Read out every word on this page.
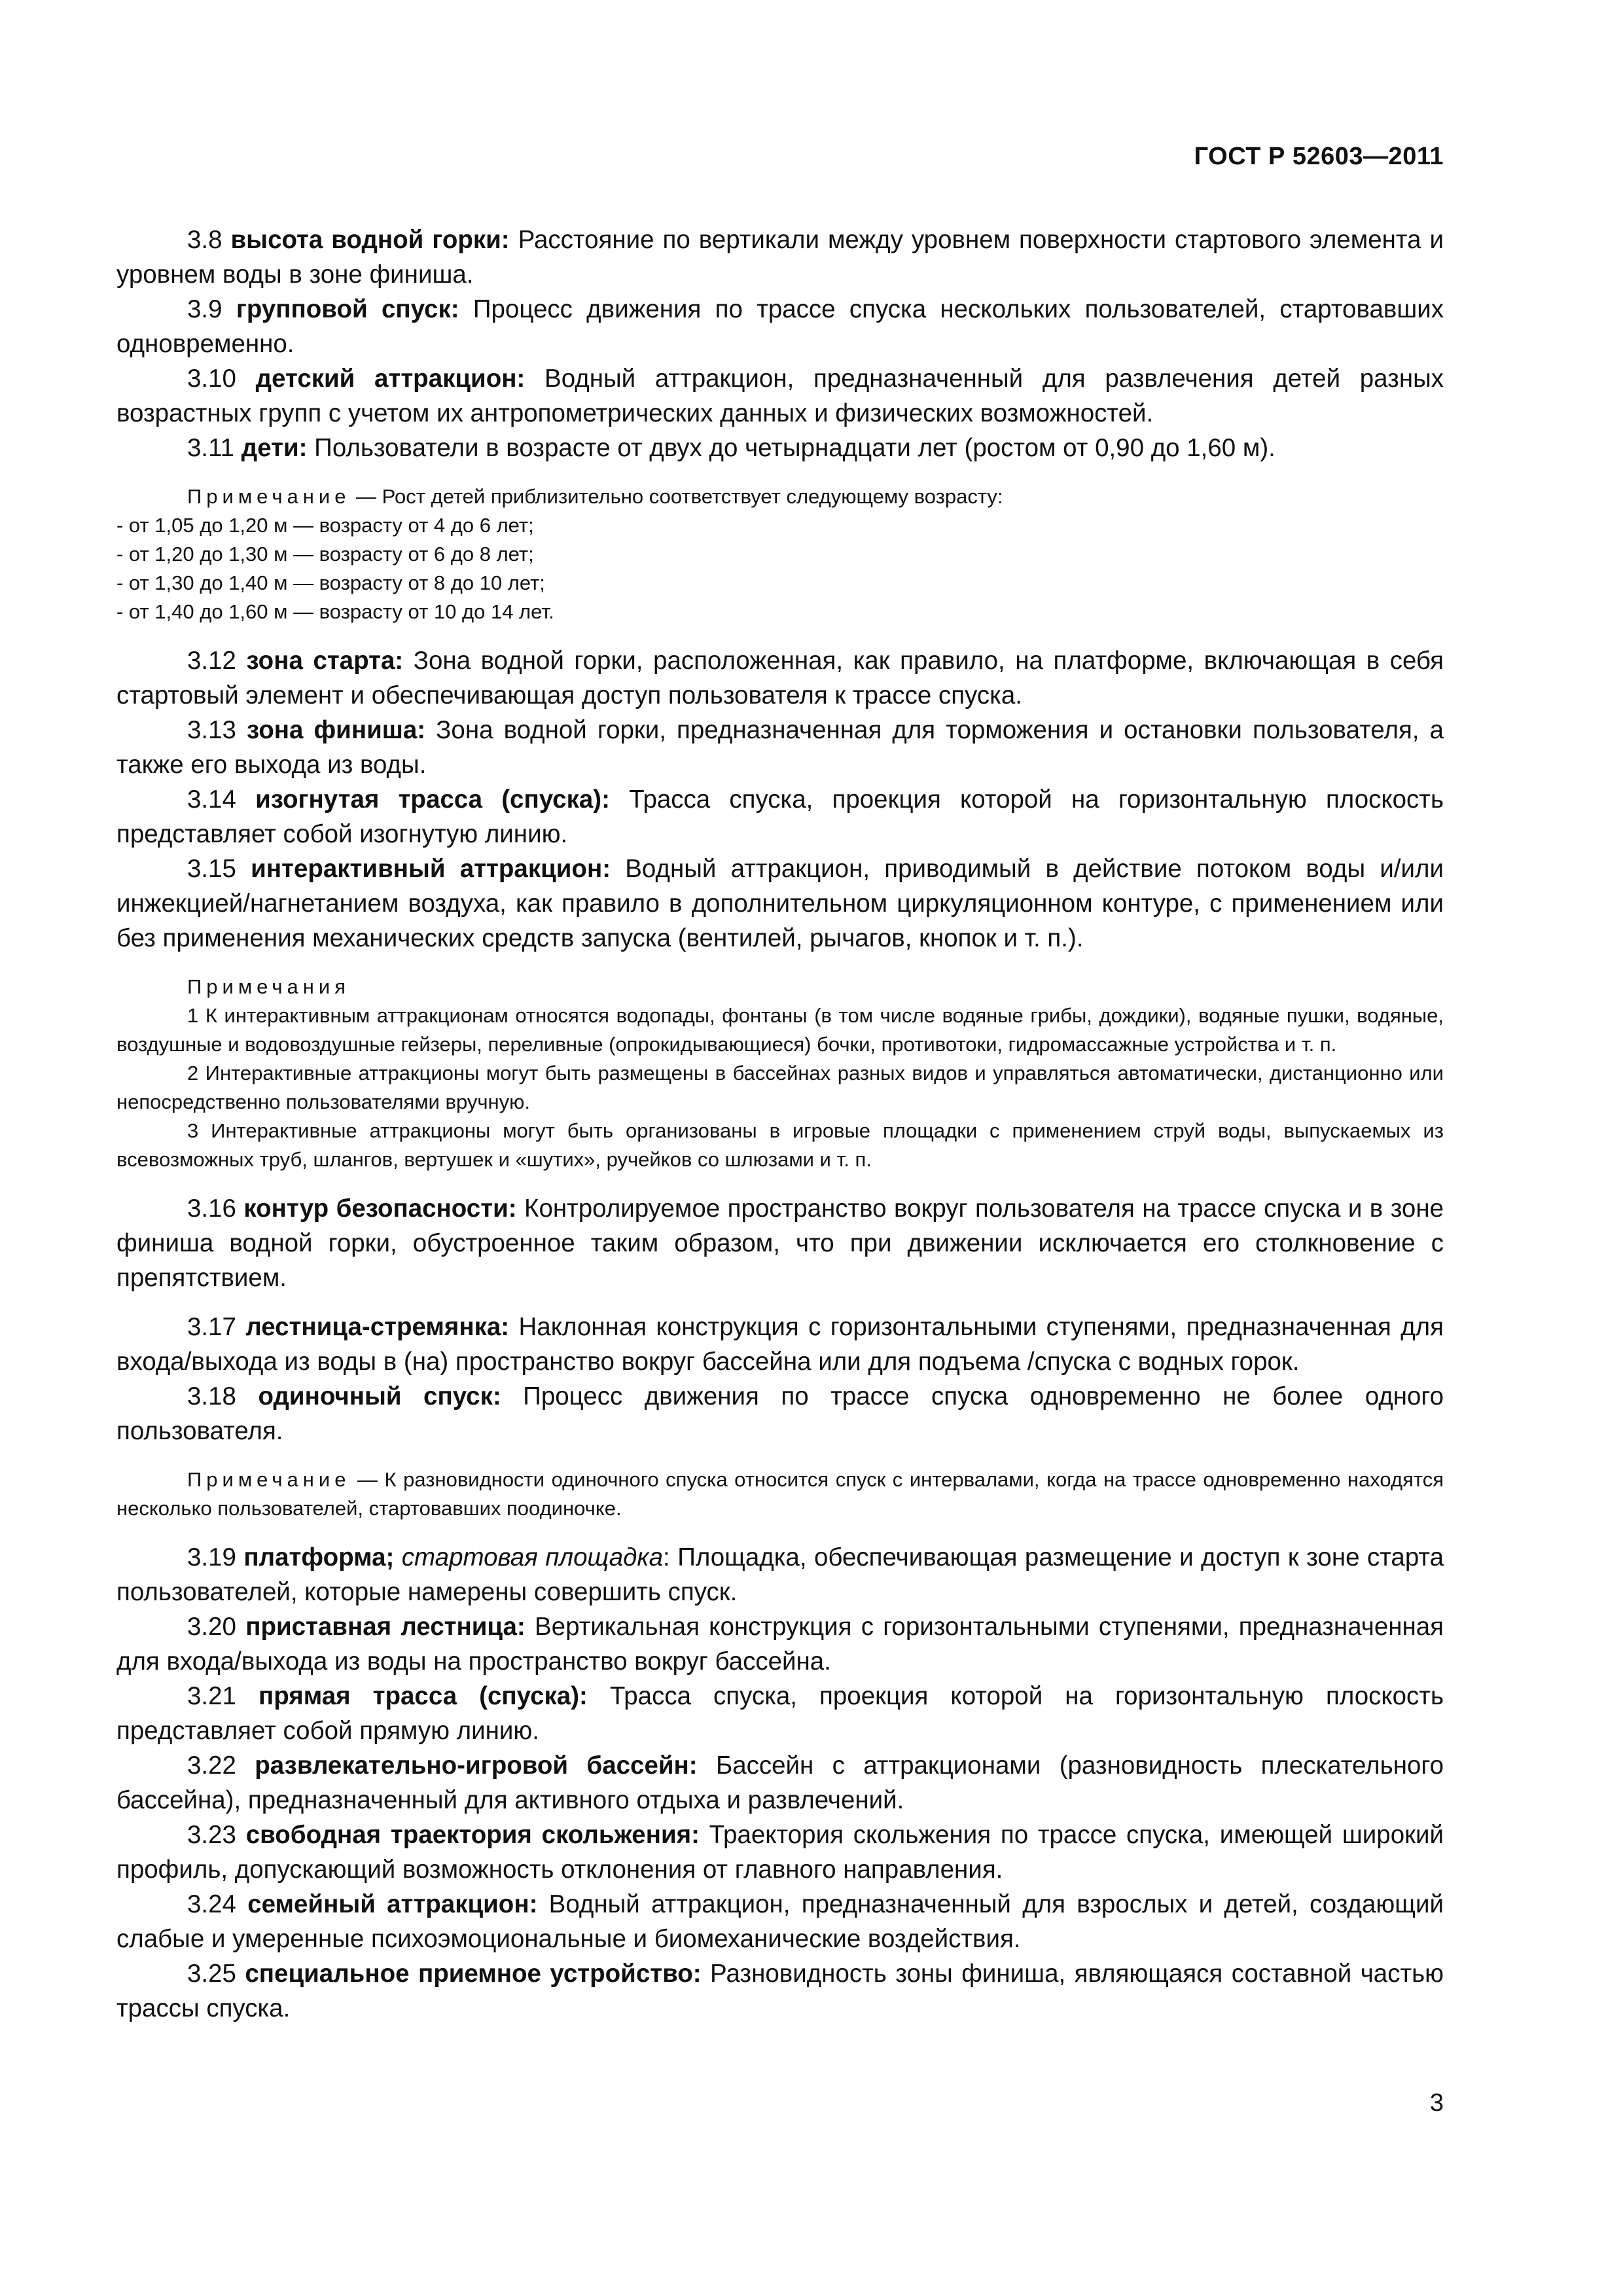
ГОСТ Р 52603—2011

3.8 высота водной горки: Расстояние по вертикали между уровнем поверхности стартового элемента и уровнем воды в зоне финиша.

3.9 групповой спуск: Процесс движения по трассе спуска нескольких пользователей, стартовавших одновременно.

3.10 детский аттракцион: Водный аттракцион, предназначенный для развлечения детей разных возрастных групп с учетом их антропометрических данных и физических возможностей.

3.11 дети: Пользователи в возрасте от двух до четырнадцати лет (ростом от 0,90 до 1,60 м).

Примечание — Рост детей приблизительно соответствует следующему возрасту:

- от 1,05 до 1,20 м — возрасту от 4 до 6 лет;

- от 1,20 до 1,30 м — возрасту от 6 до 8 лет;

- от 1,30 до 1,40 м — возрасту от 8 до 10 лет;

- от 1,40 до 1,60 м — возрасту от 10 до 14 лет.

3.12 зона старта: Зона водной горки, расположенная, как правило, на платформе, включающая в себя стартовый элемент и обеспечивающая доступ пользователя к трассе спуска.

3.13 зона финиша: Зона водной горки, предназначенная для торможения и остановки пользователя, а также его выхода из воды.

3.14 изогнутая трасса (спуска): Трасса спуска, проекция которой на горизонтальную плоскость представляет собой изогнутую линию.

3.15 интерактивный аттракцион: Водный аттракцион, приводимый в действие потоком воды и/или инжекцией/нагнетанием воздуха, как правило в дополнительном циркуляционном контуре, с применением или без применения механических средств запуска (вентилей, рычагов, кнопок и т. п.).

Примечания

1 К интерактивным аттракционам относятся водопады, фонтаны (в том числе водяные грибы, дождики), водяные пушки, водяные, воздушные и водовоздушные гейзеры, переливные (опрокидывающиеся) бочки, противотоки, гидромассажные устройства и т. п.

2 Интерактивные аттракционы могут быть размещены в бассейнах разных видов и управляться автоматически, дистанционно или непосредственно пользователями вручную.

3 Интерактивные аттракционы могут быть организованы в игровые площадки с применением струй воды, выпускаемых из всевозможных труб, шлангов, вертушек и «шутих», ручейков со шлюзами и т. п.

3.16 контур безопасности: Контролируемое пространство вокруг пользователя на трассе спуска и в зоне финиша водной горки, обустроенное таким образом, что при движении исключается его столкновение с препятствием.

3.17 лестница-стремянка: Наклонная конструкция с горизонтальными ступенями, предназначенная для входа/выхода из воды в (на) пространство вокруг бассейна или для подъема /спуска с водных горок.

3.18 одиночный спуск: Процесс движения по трассе спуска одновременно не более одного пользователя.

Примечание — К разновидности одиночного спуска относится спуск с интервалами, когда на трассе одновременно находятся несколько пользователей, стартовавших поодиночке.

3.19 платформа; стартовая площадка: Площадка, обеспечивающая размещение и доступ к зоне старта пользователей, которые намерены совершить спуск.

3.20 приставная лестница: Вертикальная конструкция с горизонтальными ступенями, предназначенная для входа/выхода из воды на пространство вокруг бассейна.

3.21 прямая трасса (спуска): Трасса спуска, проекция которой на горизонтальную плоскость представляет собой прямую линию.

3.22 развлекательно-игровой бассейн: Бассейн с аттракционами (разновидность плескательного бассейна), предназначенный для активного отдыха и развлечений.

3.23 свободная траектория скольжения: Траектория скольжения по трассе спуска, имеющей широкий профиль, допускающий возможность отклонения от главного направления.

3.24 семейный аттракцион: Водный аттракцион, предназначенный для взрослых и детей, создающий слабые и умеренные психоэмоциональные и биомеханические воздействия.

3.25 специальное приемное устройство: Разновидность зоны финиша, являющаяся составной частью трассы спуска.

3
